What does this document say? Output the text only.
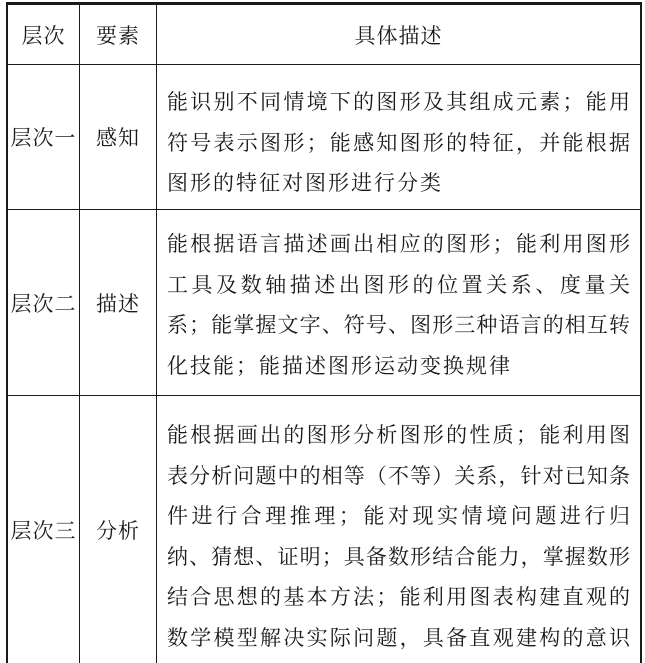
层次	要素	具体描述
层次一 感知
能识别不同情境下的图形及其组成元素；能用
符号表示图形；能感知图形的特征，并能根据
图形的特征对图形进行分类
层次二 描述
能根据语言描述画出相应的图形；能利用图形
工具及数轴描述出图形的位置关系、度量关
系；能掌握文字、符号、图形三种语言的相互转
化技能；能描述图形运动变换规律
层次三 分析
能根据画出的图形分析图形的性质；能利用图
表分析问题中的相等（不等）关系，针对已知条
件进行合理推理；能对现实情境问题进行归
纳、猜想、证明；具备数形结合能力，掌握数形
结合思想的基本方法；能利用图表构建直观的
数学模型解决实际问题，具备直观建构的意识
